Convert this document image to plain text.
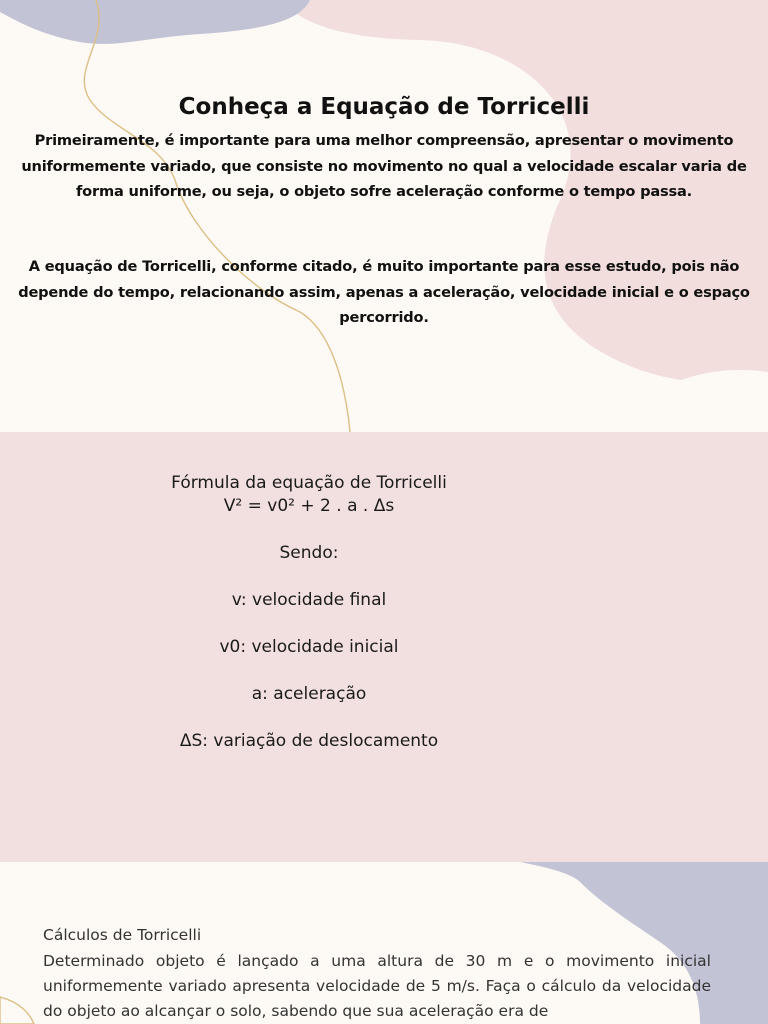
Conheça a Equação de Torricelli

Primeiramente, é importante para uma melhor compreensão, apresentar o movimento uniformemente variado, que consiste no movimento no qual a velocidade escalar varia de forma uniforme, ou seja, o objeto sofre aceleração conforme o tempo passa.

A equação de Torricelli, conforme citado, é muito importante para esse estudo, pois não depende do tempo, relacionando assim, apenas a aceleração, velocidade inicial e o espaço percorrido.

Fórmula da equação de Torricelli
V² = v0² + 2 . a . Δs
Sendo:
v: velocidade final
v0: velocidade inicial
a: aceleração
ΔS: variação de deslocamento

Cálculos de Torricelli

Determinado objeto é lançado a uma altura de 30 m e o movimento inicial uniformemente variado apresenta velocidade de 5 m/s. Faça o cálculo da velocidade do objeto ao alcançar o solo, sabendo que sua aceleração era de
